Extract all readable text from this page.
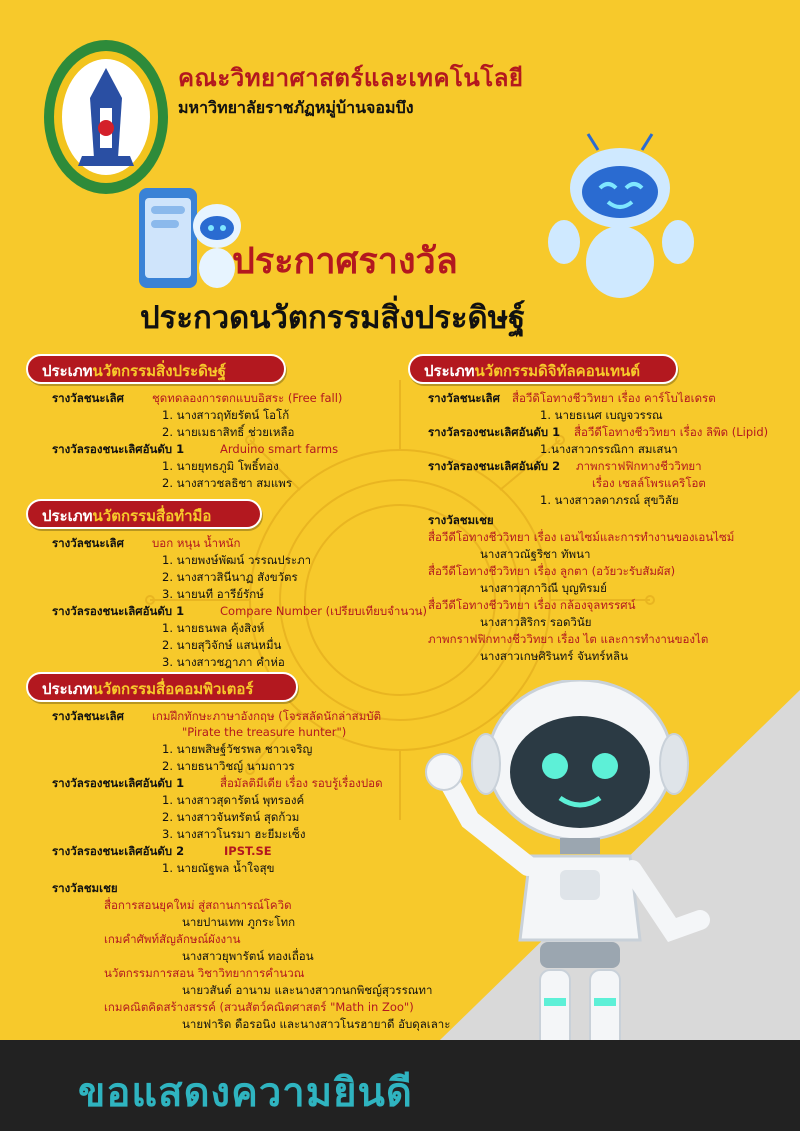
คณะวิทยาศาสตร์และเทคโนโลยี
มหาวิทยาลัยราชภัฏหมู่บ้านจอมบึง
ประกาศรางวัล
ประกวดนวัตกรรมสิ่งประดิษฐ์
ประเภทนวัตกรรมสิ่งประดิษฐ์
รางวัลชนะเลิศ ชุดทดลองการตกแบบอิสระ (Free fall)
1. นางสาวฤทัยรัตน์ โอโก้
2. นายเมธาสิทธิ์ ช่วยเหลือ
รางวัลรองชนะเลิศอันดับ 1	Arduino smart farms
1. นายยุทธภูมิ โพธิ์ทอง
2. นางสาวชลธิชา สมแพร
ประเภทนวัตกรรมสื่อทำมือ
รางวัลชนะเลิศ บอก หนุน น้ำหนัก
1. นายพงษ์พัฒน์ วรรณประภา
2. นางสาวสินีนาฏ สังขวัตร
3. นายนที อารีย์รักษ์
รางวัลรองชนะเลิศอันดับ 1	Compare Number (เปรียบเทียบจำนวน)
1. นายธนพล คุ้งสิงห์
2. นายสุวิจักษ์ แสนหมื่น
3. นางสาวชฎาภา คำห่อ
ประเภทนวัตกรรมสื่อคอมพิวเตอร์
รางวัลชนะเลิศ เกมฝึกทักษะภาษาอังกฤษ (โจรสลัดนักล่าสมบัติ
"Pirate the treasure hunter")
1. นายพสิษฐ์วัชรพล ชาวเจริญ
2. นายธนาวิชญ์ นามถาวร
รางวัลรองชนะเลิศอันดับ 1	สื่อมัลติมีเดีย เรื่อง รอบรู้เรื่องปอด
1. นางสาวสุดารัตน์ พุทรองค์
2. นางสาวจันทรัตน์ สุดก้วม
3. นางสาวโนรมา ฮะยีมะเซ็ง
รางวัลรองชนะเลิศอันดับ 2	IPST.SE
1. นายณัฐพล น้ำใจสุข
รางวัลชมเชย
สื่อการสอนยุคใหม่ สู่สถานการณ์โควิด
นายปานเทพ ภูกระโทก
เกมคำศัพท์สัญลักษณ์ผังงาน
นางสาวยุพารัตน์ ทองเถื่อน
นวัตกรรมการสอน วิชาวิทยาการคำนวณ
นายวสันต์ อานาม และนางสาวกนกพิชญ์สุวรรณทา
เกมคณิตคิดสร้างสรรค์ (สวนสัตว์คณิตศาสตร์ "Math in Zoo")
นายฟาริด ดือรอนิง และนางสาวโนรฮายาดี อับดุลเลาะ
ประเภทนวัตกรรมดิจิทัลคอนเทนต์
รางวัลชนะเลิศ สื่อวีดิโอทางชีววิทยา เรื่อง คาร์โบไฮเดรต
1. นายธเนศ เบญจวรรณ
รางวัลรองชนะเลิศอันดับ 1 สื่อวีดีโอทางชีววิทยา เรื่อง ลิพิด (Lipid)
1.นางสาวกรรณิกา สมเสนา
รางวัลรองชนะเลิศอันดับ 2 ภาพกราฟฟิกทางชีววิทยา
เรื่อง เซลล์โพรแคริโอต
1. นางสาวลดาภรณ์ สุขวิลัย
รางวัลชมเชย
สื่อวีดีโอทางชีววิทยา เรื่อง เอนไซม์และการทำงานของเอนไซม์
นางสาวณัฐริชา ทัพนา
สื่อวีดีโอทางชีววิทยา เรื่อง ลูกตา (อวัยวะรับสัมผัส)
นางสาวสุภาวิณี บุญทิรมย์
สื่อวีดีโอทางชีววิทยา เรื่อง กล้องจุลทรรศน์
นางสาวสิริกร รอดวินัย
ภาพกราฟฟิกทางชีววิทยา เรื่อง ไต และการทำงานของไต
นางสาวเกษศิรินทร์ จันทร์หลิน
ขอแสดงความยินดี
